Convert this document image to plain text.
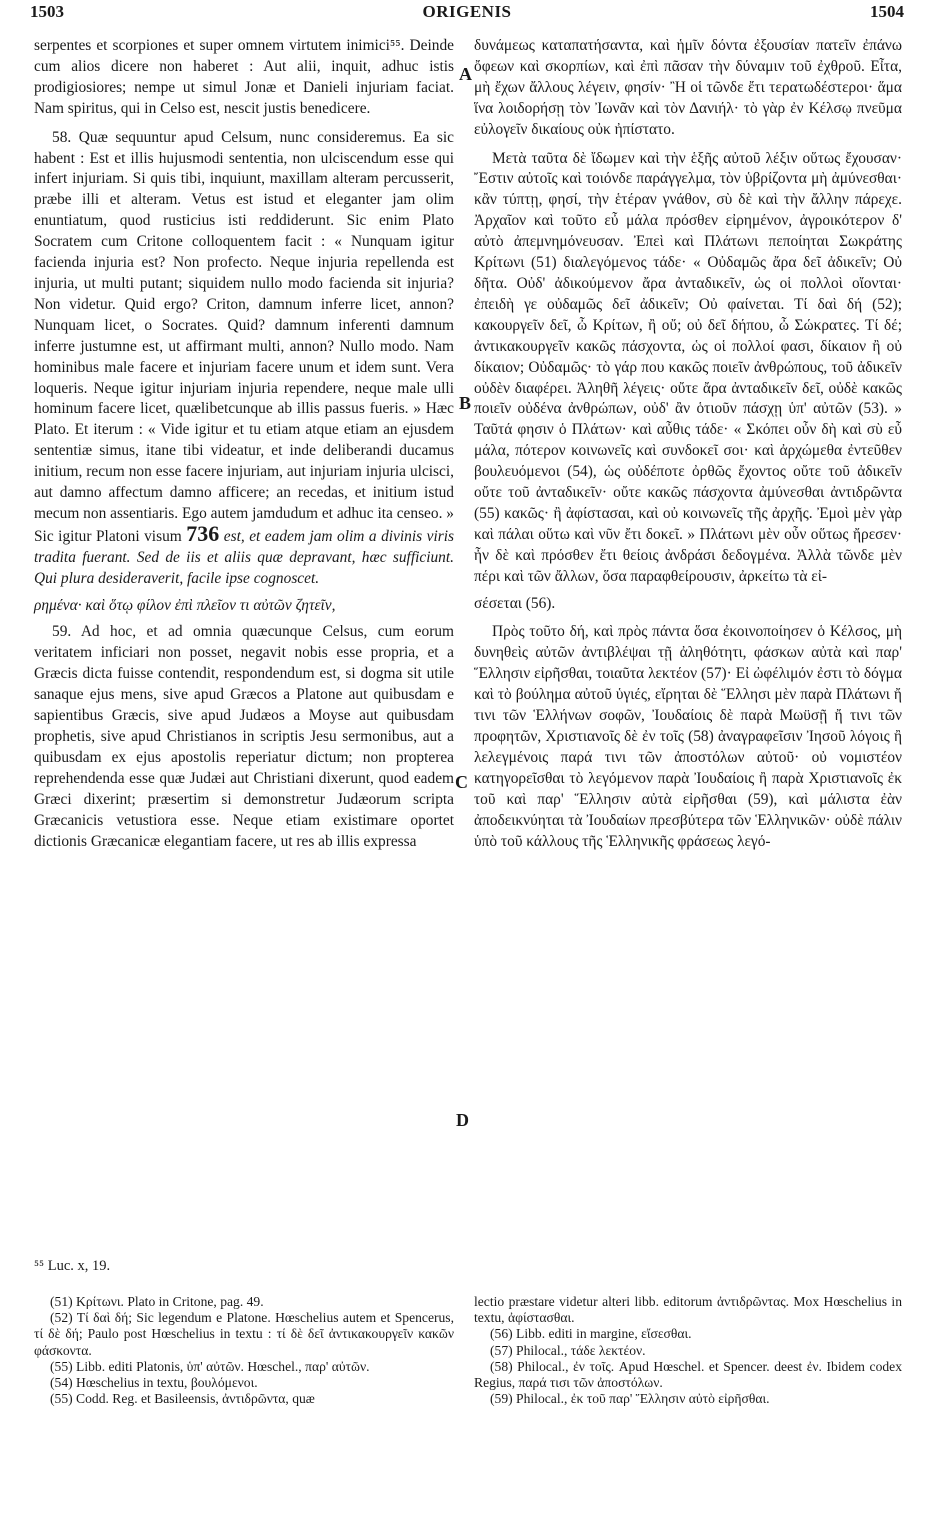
1503	ORIGENIS	1504
A
B
C
D

serpentes et scorpiones et super omnem virtutem inimici⁵⁵. Deinde cum alios dicere non haberet : Aut alii, inquit, adhuc istis prodigiosiores; nempe ut simul Jonæ et Danieli injuriam faciat. Nam spiritus, qui in Celso est, nescit justis benedicere.

58. Quæ sequuntur apud Celsum, nunc consideremus. Ea sic habent : Est et illis hujusmodi sententia, non ulciscendum esse qui infert injuriam. Si quis tibi, inquiunt, maxillam alteram percusserit, præbe illi et alteram. Vetus est istud et eleganter jam olim enuntiatum, quod rusticius isti reddiderunt. Sic enim Plato Socratem cum Critone colloquentem facit : « Nunquam igitur facienda injuria est? Non profecto. Neque injuria repellenda est injuria, ut multi putant; siquidem nullo modo facienda sit injuria? Non videtur. Quid ergo? Criton, damnum inferre licet, annon? Nunquam licet, o Socrates. Quid? damnum inferenti damnum inferre justumne est, ut affirmant multi, annon? Nullo modo. Nam hominibus male facere et injuriam facere unum et idem sunt. Vera loqueris. Neque igitur injuriam injuria rependere, neque male ulli hominum facere licet, quælibetcunque ab illis passus fueris. » Hæc Plato. Et iterum : « Vide igitur et tu etiam atque etiam an ejusdem sententiæ simus, itane tibi videatur, et inde deliberandi ducamus initium, recum non esse facere injuriam, aut injuriam injuria ulcisci, aut damno affectum damno afficere; an recedas, et initium istud mecum non assentiaris. Ego autem jamdudum et adhuc ita censeo. » Sic igitur Platoni visum 736 est, et eadem jam olim a divinis viris tradita fuerant. Sed de iis et aliis quæ depravant, hæc sufficiunt. Qui plura desideraverit, facile ipse cognoscet.

ρημένα· καὶ ὅτῳ φίλον ἐπὶ πλεῖον τι αὐτῶν ζητεῖν,

59. Ad hoc, et ad omnia quæcunque Celsus, cum eorum veritatem inficiari non posset, negavit nobis esse propria, et a Græcis dicta fuisse contendit, respondendum est, si dogma sit utile sanaque ejus mens, sive apud Græcos a Platone aut quibusdam e sapientibus Græcis, sive apud Judæos a Moyse aut quibusdam prophetis, sive apud Christianos in scriptis Jesu sermonibus, aut a quibusdam ex ejus apostolis reperiatur dictum; non propterea reprehendenda esse quæ Judæi aut Christiani dixerunt, quod eadem Græci dixerint; præsertim si demonstretur Judæorum scripta Græcanicis vetustiora esse. Neque etiam existimare oportet dictionis Græcanicæ elegantiam facere, ut res ab illis expressa

δυνάμεως καταπατήσαντα, καὶ ἡμῖν δόντα ἐξουσίαν πατεῖν ἐπάνω ὄφεων καὶ σκορπίων, καὶ ἐπὶ πᾶσαν τὴν δύναμιν τοῦ ἐχθροῦ. Εἶτα, μὴ ἔχων ἄλλους λέγειν, φησίν· Ἢ οἱ τῶνδε ἔτι τερατωδέστεροι· ἅμα ἵνα λοιδορήσῃ τὸν Ἰωνᾶν καὶ τὸν Δανιήλ· τὸ γὰρ ἐν Κέλσῳ πνεῦμα εὐλογεῖν δικαίους οὐκ ἠπίστατο.

Μετὰ ταῦτα δὲ ἴδωμεν καὶ τὴν ἑξῆς αὐτοῦ λέξιν οὕτως ἔχουσαν· Ἔστιν αὐτοῖς καὶ τοιόνδε παράγγελμα, τὸν ὑβρίζοντα μὴ ἀμύνεσθαι· κἂν τύπτῃ, φησί, τὴν ἑτέραν γνάθον, σὺ δὲ καὶ τὴν ἄλλην πάρεχε. Ἀρχαῖον καὶ τοῦτο εὖ μάλα πρόσθεν εἰρημένον, ἀγροικότερον δ' αὐτὸ ἀπεμνημόνευσαν. Ἐπεὶ καὶ Πλάτωνι πεποίηται Σωκράτης Κρίτωνι (51) διαλεγόμενος τάδε· « Οὐδαμῶς ἄρα δεῖ ἀδικεῖν; Οὐ δῆτα. Οὐδ' ἀδικούμενον ἄρα ἀνταδικεῖν, ὡς οἱ πολλοὶ οἴονται· ἐπειδὴ γε οὐδαμῶς δεῖ ἀδικεῖν; Οὐ φαίνεται. Τί δαὶ δή (52); κακουργεῖν δεῖ, ὦ Κρίτων, ἢ οὔ; οὐ δεῖ δήπου, ὦ Σώκρατες. Τί δέ; ἀντικακουργεῖν κακῶς πάσχοντα, ὡς οἱ πολλοί φασι, δίκαιον ἢ οὐ δίκαιον; Οὐδαμῶς· τὸ γάρ που κακῶς ποιεῖν ἀνθρώπους, τοῦ ἀδικεῖν οὐδὲν διαφέρει. Ἀληθῆ λέγεις· οὔτε ἄρα ἀνταδικεῖν δεῖ, οὐδὲ κακῶς ποιεῖν οὐδένα ἀνθρώπων, οὐδ' ἂν ὁτιοῦν πάσχῃ ὑπ' αὐτῶν (53). » Ταῦτά φησιν ὁ Πλάτων· καὶ αὖθις τάδε· « Σκόπει οὖν δὴ καὶ σὺ εὖ μάλα, πότερον κοινωνεῖς καὶ συνδοκεῖ σοι· καὶ ἀρχώμεθα ἐντεῦθεν βουλευόμενοι (54), ὡς οὐδέποτε ὀρθῶς ἔχοντος οὔτε τοῦ ἀδικεῖν οὔτε τοῦ ἀνταδικεῖν· οὔτε κακῶς πάσχοντα ἀμύνεσθαι ἀντιδρῶντα (55) κακῶς· ἢ ἀφίστασαι, καὶ οὐ κοινωνεῖς τῆς ἀρχῆς. Ἐμοὶ μὲν γὰρ καὶ πάλαι οὕτω καὶ νῦν ἔτι δοκεῖ. » Πλάτωνι μὲν οὖν οὕτως ἤρεσεν· ἦν δὲ καὶ πρόσθεν ἔτι θείοις ἀνδράσι δεδογμένα. Ἀλλὰ τῶνδε μὲν πέρι καὶ τῶν ἄλλων, ὅσα παραφθείρουσιν, ἀρκείτω τὰ εἰ-

σέσεται (56).

Πρὸς τοῦτο δή, καὶ πρὸς πάντα ὅσα ἐκοινοποίησεν ὁ Κέλσος, μὴ δυνηθεὶς αὐτῶν ἀντιβλέψαι τῇ ἀληθότητι, φάσκων αὐτὰ καὶ παρ' Ἕλλησιν εἰρῆσθαι, τοιαῦτα λεκτέον (57)· Εἰ ὠφέλιμόν ἐστι τὸ δόγμα καὶ τὸ βούλημα αὐτοῦ ὑγιές, εἴρηται δὲ Ἕλλησι μὲν παρὰ Πλάτωνι ἤ τινι τῶν Ἑλλήνων σοφῶν, Ἰουδαίοις δὲ παρὰ Μωϋσῇ ἤ τινι τῶν προφητῶν, Χριστιανοῖς δὲ ἐν τοῖς (58) ἀναγραφεῖσιν Ἰησοῦ λόγοις ἢ λελεγμένοις παρά τινι τῶν ἀποστόλων αὐτοῦ· οὐ νομιστέον κατηγορεῖσθαι τὸ λεγόμενον παρὰ Ἰουδαίοις ἢ παρὰ Χριστιανοῖς ἐκ τοῦ καὶ παρ' Ἕλλησιν αὐτὰ εἰρῆσθαι (59), καὶ μάλιστα ἐὰν ἀποδεικνύηται τὰ Ἰουδαίων πρεσβύτερα τῶν Ἑλληνικῶν· οὐδὲ πάλιν ὑπὸ τοῦ κάλλους τῆς Ἑλληνικῆς φράσεως λεγό-

⁵⁵ Luc. x, 19.

(51) Κρίτωνι. Plato in Critone, pag. 49.

(52) Τί δαὶ δή; Sic legendum e Platone. Hœschelius autem et Spencerus, τί δὲ δή; Paulo post Hœschelius in textu : τί δὲ δεῖ ἀντικακουργεῖν κακῶν φάσκοντα.

(55) Libb. editi Platonis, ὑπ' αὐτῶν. Hœschel., παρ' αὐτῶν.

(54) Hœschelius in textu, βουλόμενοι.

(55) Codd. Reg. et Basileensis, ἀντιδρῶντα, quæ

lectio præstare videtur alteri libb. editorum ἀντιδρῶντας. Mox Hœschelius in textu, ἀφίστασθαι.

(56) Libb. editi in margine, εἴσεσθαι.

(57) Philocal., τάδε λεκτέον.

(58) Philocal., ἐν τοῖς. Apud Hœschel. et Spencer. deest ἐν. Ibidem codex Regius, παρά τισι τῶν ἀποστόλων.

(59) Philocal., ἐκ τοῦ παρ' Ἕλλησιν αὐτὸ εἰρῆσθαι.
